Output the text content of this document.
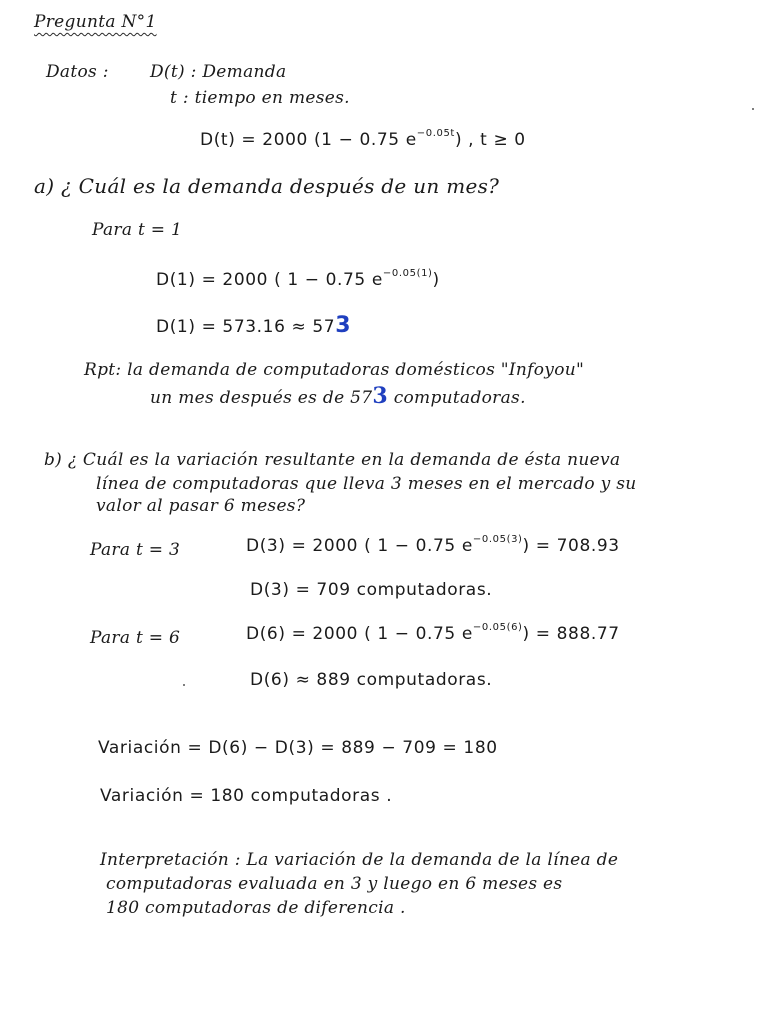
Pregunta N°1
Datos : D(t) : Demanda
t : tiempo en meses.
D(t) = 2000 (1 − 0.75 $e^{-0.05t}$) , t ≥ 0
a) ¿ Cuál es la demanda después de un mes?
Para t = 1
D(1) = 2000 ( 1 − 0.75 $e^{-0.05(1)}$)
D(1) = 573.16 ≈ 573
Rpt: la demanda de computadoras domésticos "Infoyou"
un mes después es de 573 computadoras.
b) ¿ Cuál es la variación resultante en la demanda de ésta nueva
línea de computadoras que lleva 3 meses en el mercado y su
valor al pasar 6 meses?
Para t = 3	D(3) = 2000 ( 1 − 0.75 $e^{-0.05(3)}) = 708.93$
D(3) = 709 computadoras.
Para t = 6	D(6) = 2000 ( 1 − 0.75 $e^{-0.05(6)}) = 888.77$
D(6) ≈ 889 computadoras.
Variación = D(6) − D(3) = 889 − 709 = 180
Variación = 180 computadoras .
Interpretación : La variación de la demanda de la línea de
computadoras evaluada en 3 y luego en 6 meses es
180 computadoras de diferencia .
